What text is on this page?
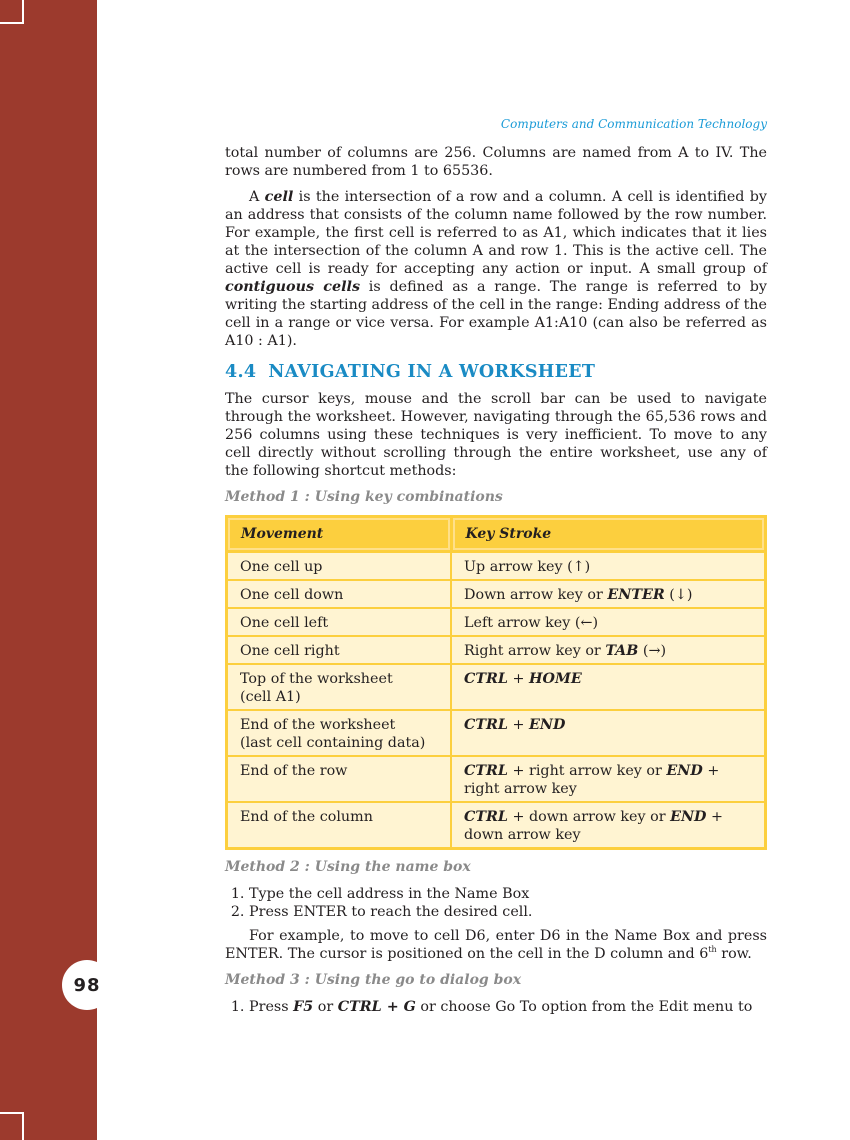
98
Computers and Communication Technology

total number of columns are 256. Columns are named from A to IV. The rows are numbered from 1 to 65536.

A cell is the intersection of a row and a column. A cell is identified by an address that consists of the column name followed by the row number. For example, the first cell is referred to as A1, which indicates that it lies at the intersection of the column A and row 1. This is the active cell. The active cell is ready for accepting any action or input. A small group of contiguous cells is defined as a range. The range is referred to by writing the starting address of the cell in the range: Ending address of the cell in a range or vice versa. For example A1:A10 (can also be referred as A10 : A1).

4.4 NAVIGATING IN A WORKSHEET

The cursor keys, mouse and the scroll bar can be used to navigate through the worksheet. However, navigating through the 65,536 rows and 256 columns using these techniques is very inefficient. To move to any cell directly without scrolling through the entire worksheet, use any of the following shortcut methods:

Method 1 : Using key combinations
Movement	Key Stroke
One cell up	Up arrow key (↑)
One cell down	Down arrow key or ENTER (↓)
One cell left	Left arrow key (←)
One cell right	Right arrow key or TAB (→)
Top of the worksheet
(cell A1)	CTRL + HOME
End of the worksheet
(last cell containing data)	CTRL + END
End of the row	CTRL + right arrow key or END + right arrow key
End of the column	CTRL + down arrow key or END + down arrow key
Method 2 : Using the name box
1. Type the cell address in the Name Box
2. Press ENTER to reach the desired cell.

For example, to move to cell D6, enter D6 in the Name Box and press ENTER. The cursor is positioned on the cell in the D column and 6th row.

Method 3 : Using the go to dialog box
1. Press F5 or CTRL + G or choose Go To option from the Edit menu to
